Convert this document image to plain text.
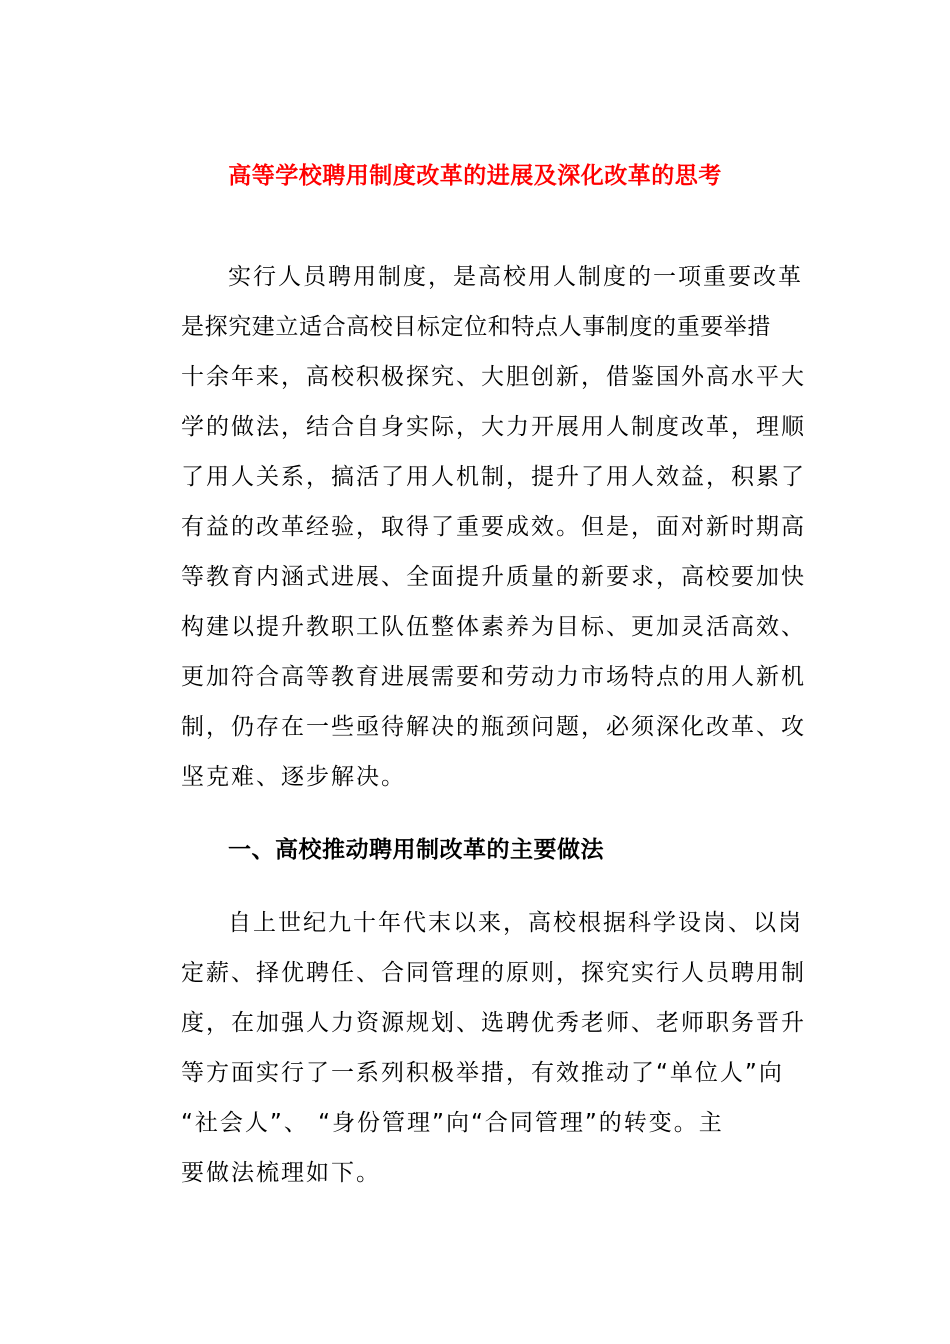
高等学校聘用制度改革的进展及深化改革的思考
实行人员聘用制度，是高校用人制度的一项重要改革
是探究建立适合高校目标定位和特点人事制度的重要举措
十余年来，高校积极探究、大胆创新，借鉴国外高水平大
学的做法，结合自身实际，大力开展用人制度改革，理顺
了用人关系，搞活了用人机制，提升了用人效益，积累了
有益的改革经验，取得了重要成效。但是，面对新时期高
等教育内涵式进展、全面提升质量的新要求，高校要加快
构建以提升教职工队伍整体素养为目标、更加灵活高效、
更加符合高等教育进展需要和劳动力市场特点的用人新机
制，仍存在一些亟待解决的瓶颈问题，必须深化改革、攻
坚克难、逐步解决。
一、高校推动聘用制改革的主要做法
自上世纪九十年代末以来，高校根据科学设岗、以岗
定薪、择优聘任、合同管理的原则，探究实行人员聘用制
度，在加强人力资源规划、选聘优秀老师、老师职务晋升
等方面实行了一系列积极举措，有效推动了“单位人”向
“社会人”、 “身份管理”向“合同管理”的转变。主
要做法梳理如下。
